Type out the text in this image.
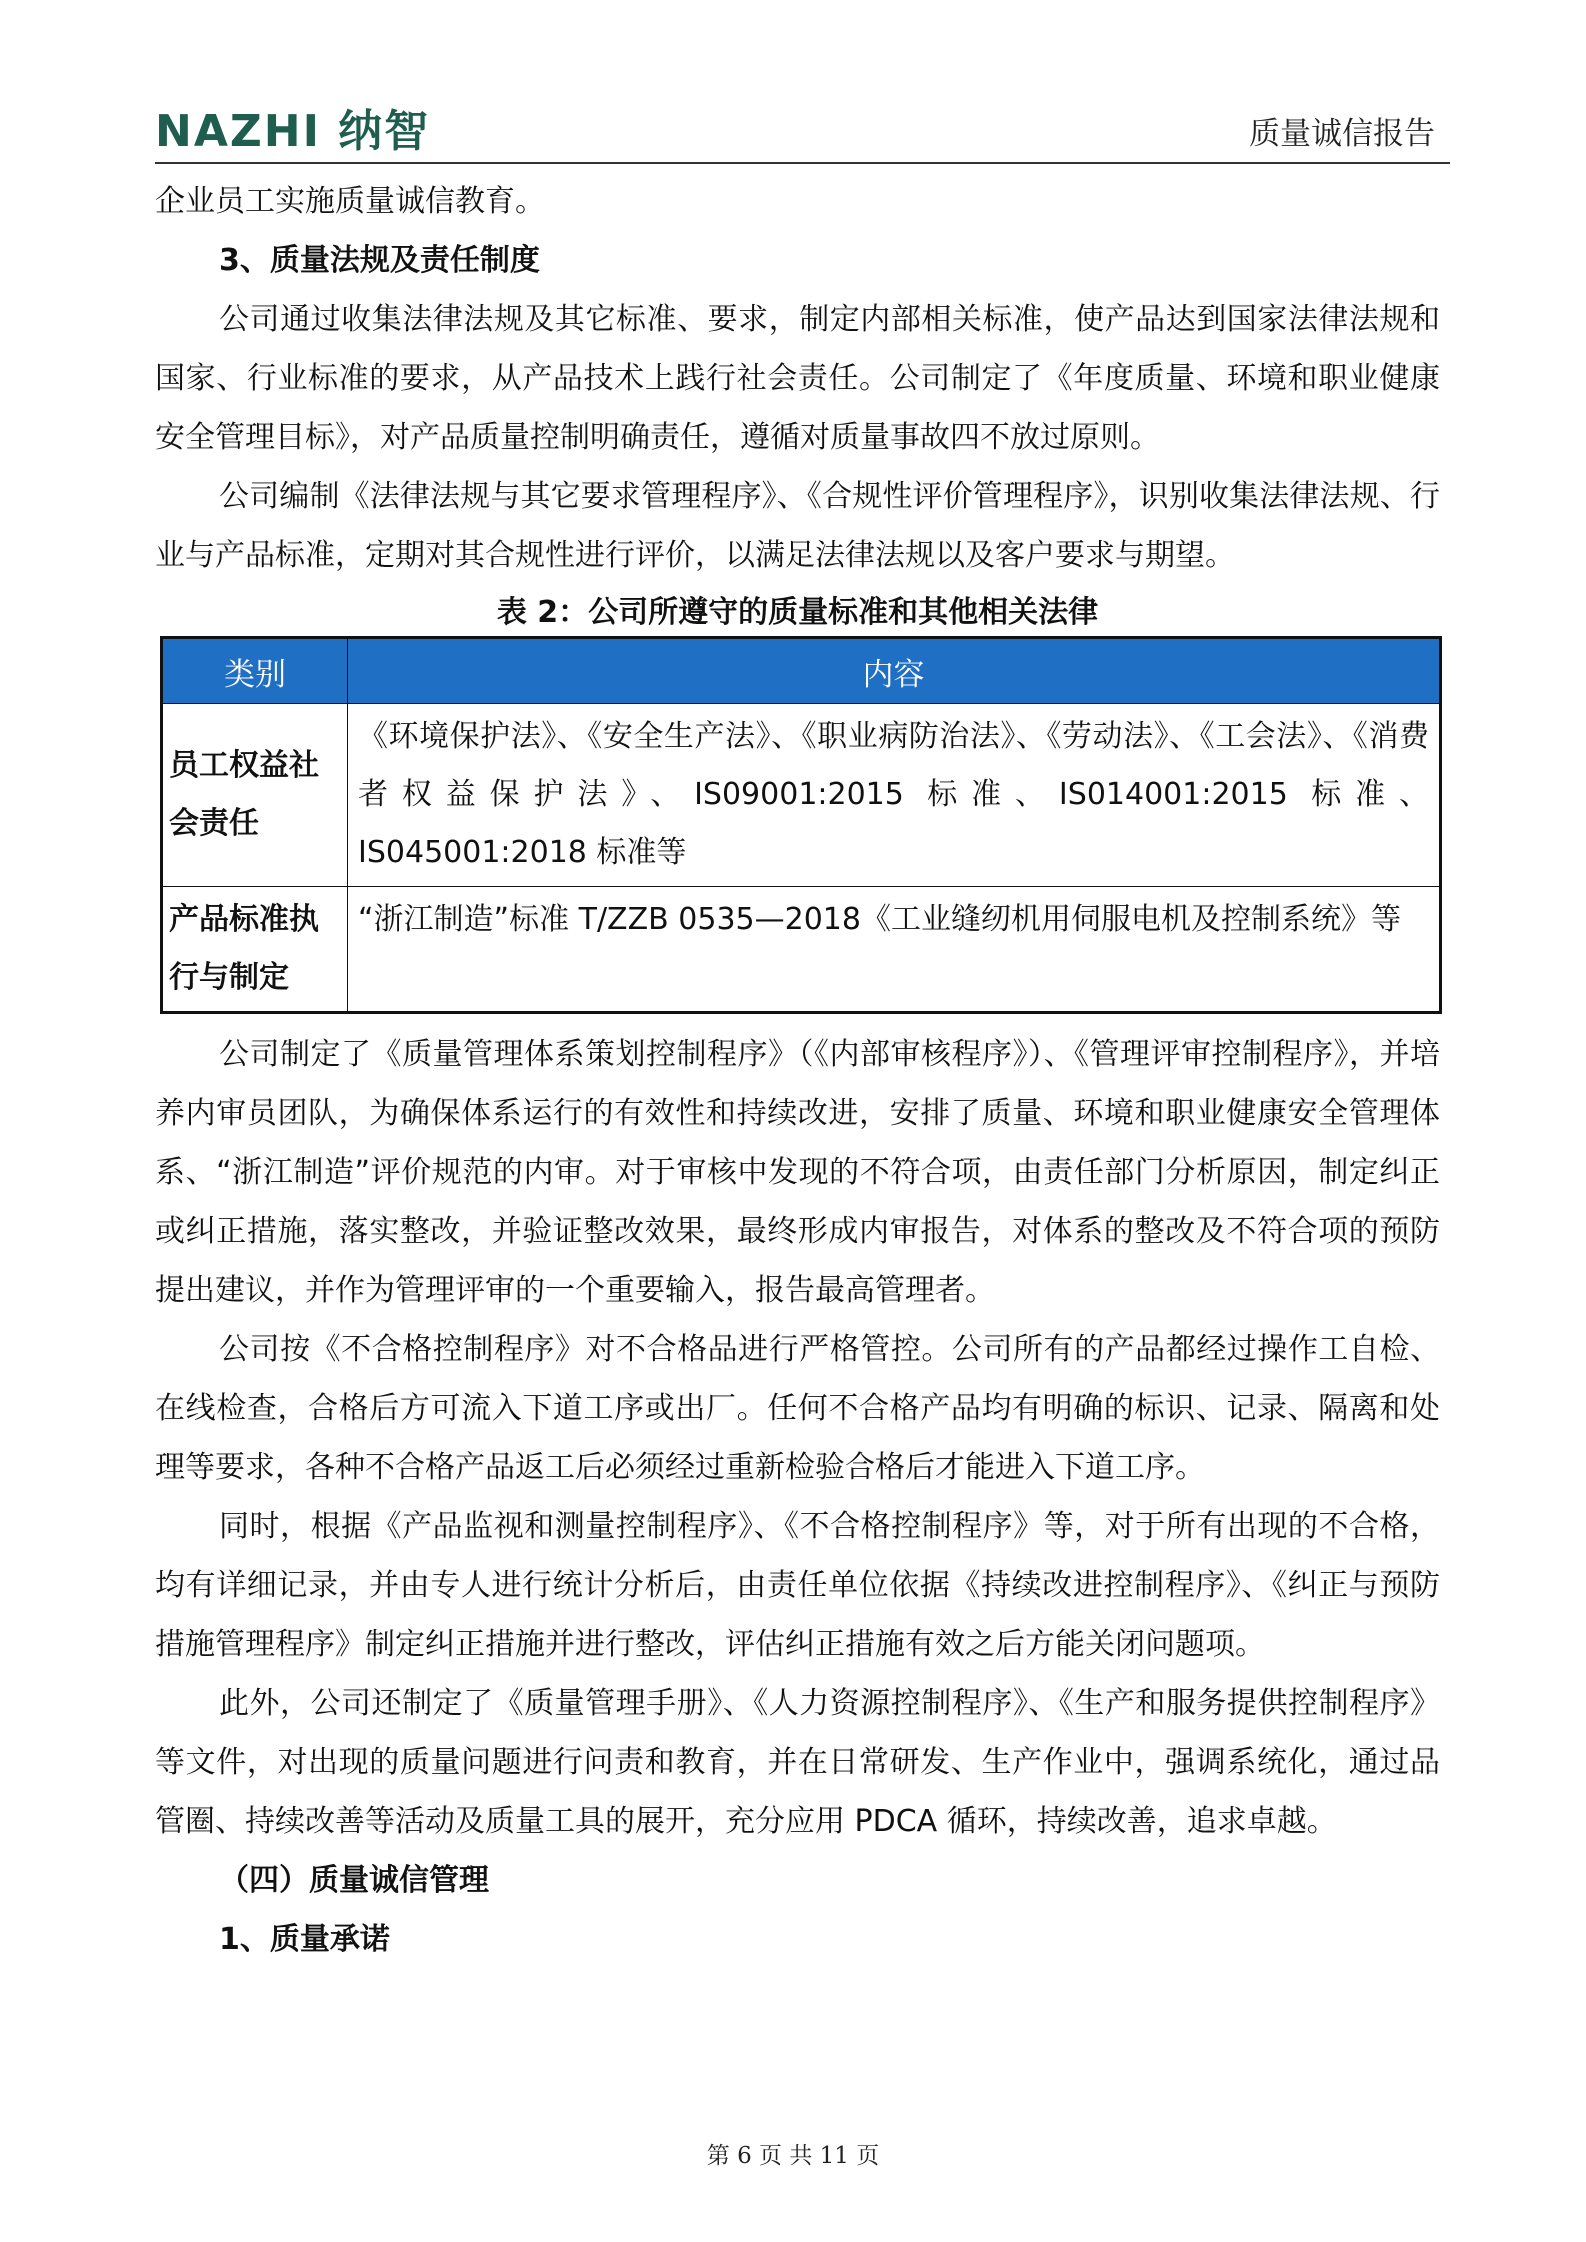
NAZHI 纳智	质量诚信报告

企业员工实施质量诚信教育。

3、质量法规及责任制度

公司通过收集法律法规及其它标准、要求，制定内部相关标准，使产品达到国家法律法规和国家、行业标准的要求，从产品技术上践行社会责任。公司制定了《年度质量、环境和职业健康安全管理目标》，对产品质量控制明确责任，遵循对质量事故四不放过原则。

公司编制《法律法规与其它要求管理程序》、《合规性评价管理程序》，识别收集法律法规、行业与产品标准，定期对其合规性进行评价，以满足法律法规以及客户要求与期望。

表 2：公司所遵守的质量标准和其他相关法律
类别	内容
员工权益社会责任	《环境保护法》、《安全生产法》、《职业病防治法》、《劳动法》、《工会法》、《消费者权益保护法》、IS09001:2015 标准、IS014001:2015 标准、IS045001:2018 标准等
产品标准执行与制定	“浙江制造”标准 T/ZZB 0535—2018《工业缝纫机用伺服电机及控制系统》等

公司制定了《质量管理体系策划控制程序》（《内部审核程序》）、《管理评审控制程序》，并培养内审员团队，为确保体系运行的有效性和持续改进，安排了质量、环境和职业健康安全管理体系、“浙江制造”评价规范的内审。对于审核中发现的不符合项，由责任部门分析原因，制定纠正或纠正措施，落实整改，并验证整改效果，最终形成内审报告，对体系的整改及不符合项的预防提出建议，并作为管理评审的一个重要输入，报告最高管理者。

公司按《不合格控制程序》对不合格品进行严格管控。公司所有的产品都经过操作工自检、在线检查，合格后方可流入下道工序或出厂。任何不合格产品均有明确的标识、记录、隔离和处理等要求，各种不合格产品返工后必须经过重新检验合格后才能进入下道工序。

同时，根据《产品监视和测量控制程序》、《不合格控制程序》等，对于所有出现的不合格，均有详细记录，并由专人进行统计分析后，由责任单位依据《持续改进控制程序》、《纠正与预防措施管理程序》制定纠正措施并进行整改，评估纠正措施有效之后方能关闭问题项。

此外，公司还制定了《质量管理手册》、《人力资源控制程序》、《生产和服务提供控制程序》等文件，对出现的质量问题进行问责和教育，并在日常研发、生产作业中，强调系统化，通过品管圈、持续改善等活动及质量工具的展开，充分应用 PDCA 循环，持续改善，追求卓越。

（四）质量诚信管理

1、质量承诺

第 6 页 共 11 页
